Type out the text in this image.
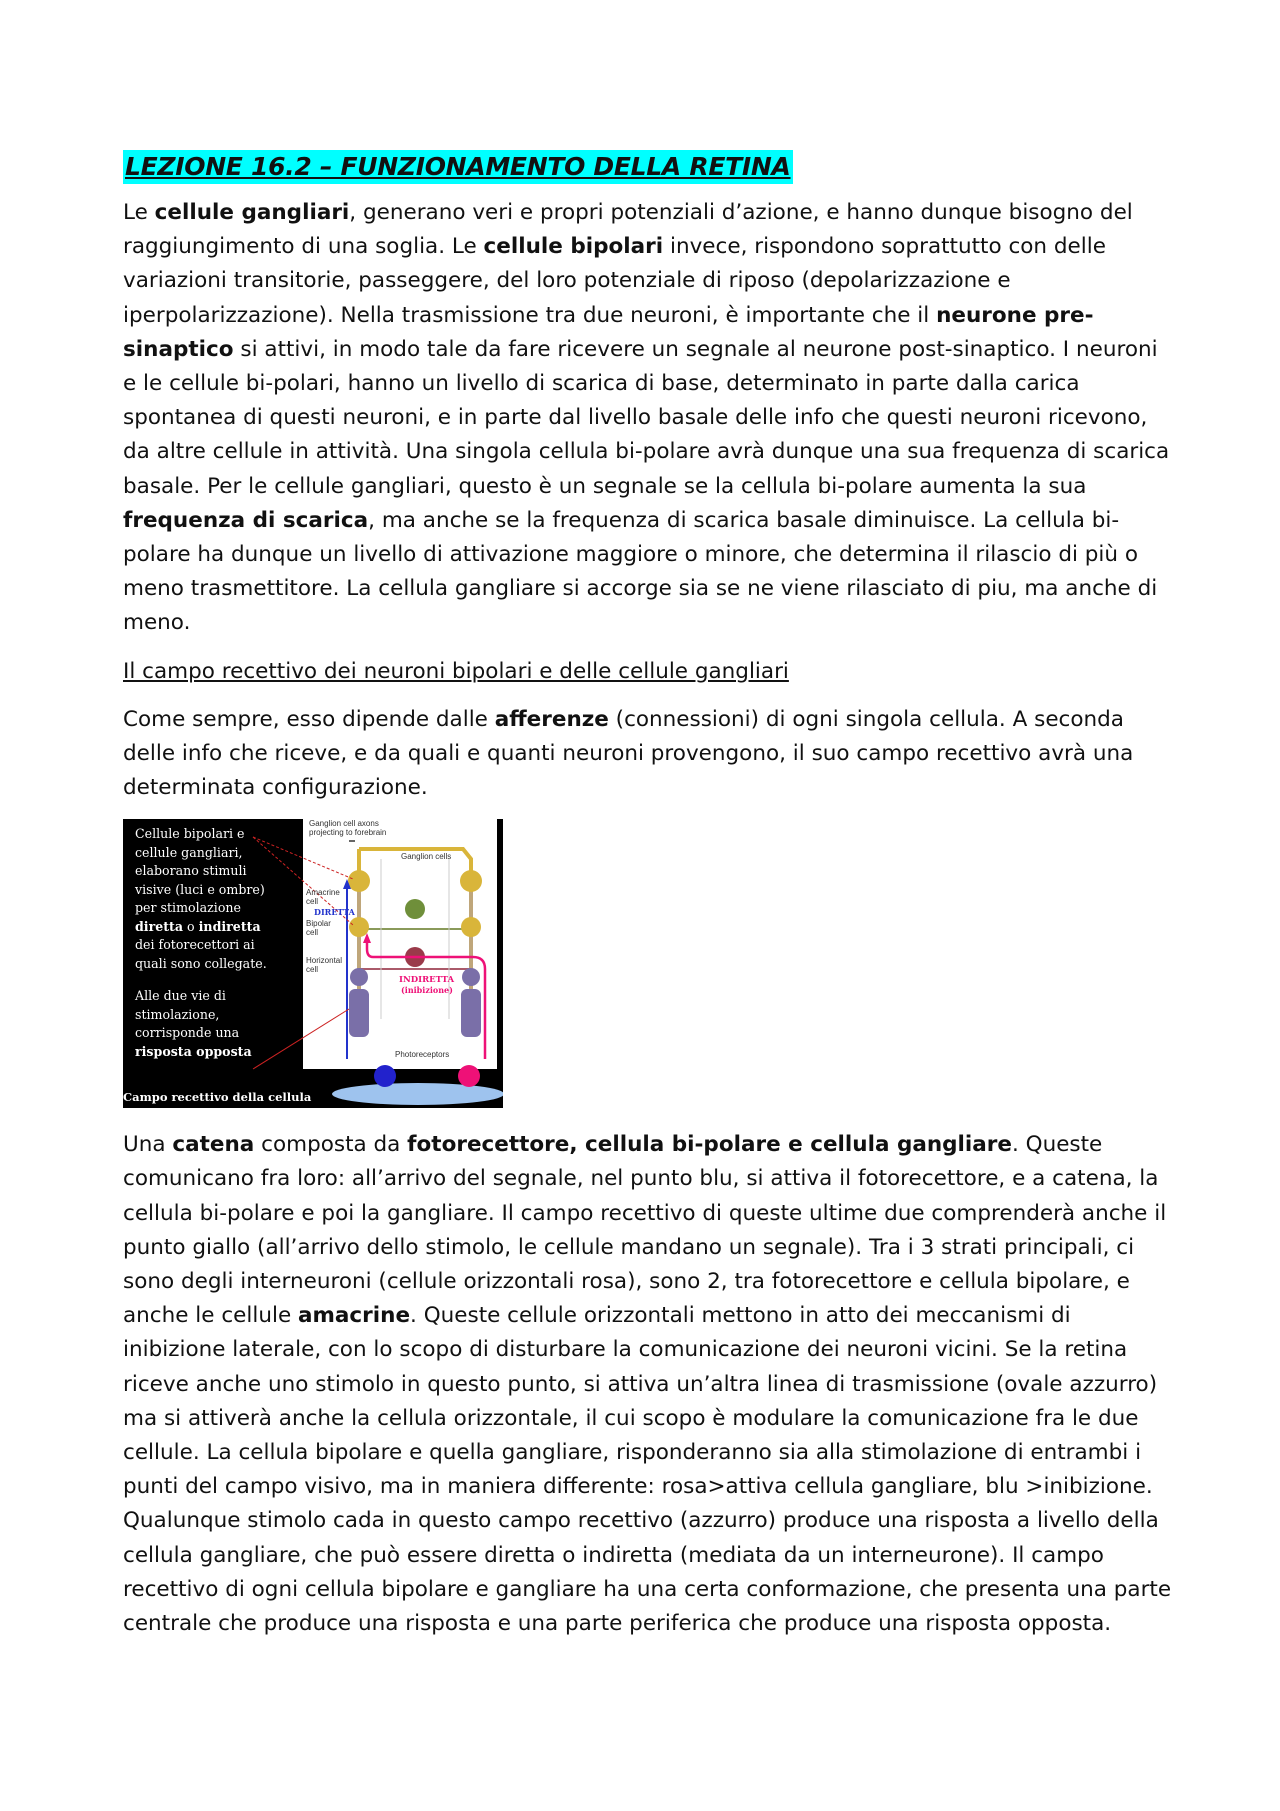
LEZIONE 16.2 – FUNZIONAMENTO DELLA RETINA

Le cellule gangliari, generano veri e propri potenziali d’azione, e hanno dunque bisogno del raggiungimento di una soglia. Le cellule bipolari invece, rispondono soprattutto con delle variazioni transitorie, passeggere, del loro potenziale di riposo (depolarizzazione e iperpolarizzazione). Nella trasmissione tra due neuroni, è importante che il neurone pre-sinaptico si attivi, in modo tale da fare ricevere un segnale al neurone post-sinaptico. I neuroni e le cellule bi-polari, hanno un livello di scarica di base, determinato in parte dalla carica spontanea di questi neuroni, e in parte dal livello basale delle info che questi neuroni ricevono, da altre cellule in attività. Una singola cellula bi-polare avrà dunque una sua frequenza di scarica basale. Per le cellule gangliari, questo è un segnale se la cellula bi-polare aumenta la sua frequenza di scarica, ma anche se la frequenza di scarica basale diminuisce. La cellula bi-polare ha dunque un livello di attivazione maggiore o minore, che determina il rilascio di più o meno trasmettitore. La cellula gangliare si accorge sia se ne viene rilasciato di piu, ma anche di meno.

Il campo recettivo dei neuroni bipolari e delle cellule gangliari

Come sempre, esso dipende dalle afferenze (connessioni) di ogni singola cellula. A seconda delle info che riceve, e da quali e quanti neuroni provengono, il suo campo recettivo avrà una determinata configurazione.

Ganglion cell axons
projecting to forebrain
Ganglion cells
Amacrine
cell
DIRETTA
Bipolar
cell
Horizontal
cell
INDIRETTA
(inibizione)
Photoreceptors
Cellule bipolari e cellule gangliari, elaborano stimuli visive (luci e ombre) per stimolazione diretta o indiretta dei fotorecettori ai quali sono collegate.
Alle due vie di stimolazione, corrisponde una risposta opposta
Campo recettivo della cellula

Una catena composta da fotorecettore, cellula bi-polare e cellula gangliare. Queste comunicano fra loro: all’arrivo del segnale, nel punto blu, si attiva il fotorecettore, e a catena, la cellula bi-polare e poi la gangliare. Il campo recettivo di queste ultime due comprenderà anche il punto giallo (all’arrivo dello stimolo, le cellule mandano un segnale). Tra i 3 strati principali, ci sono degli interneuroni (cellule orizzontali rosa), sono 2, tra fotorecettore e cellula bipolare, e anche le cellule amacrine. Queste cellule orizzontali mettono in atto dei meccanismi di inibizione laterale, con lo scopo di disturbare la comunicazione dei neuroni vicini. Se la retina riceve anche uno stimolo in questo punto, si attiva un’altra linea di trasmissione (ovale azzurro) ma si attiverà anche la cellula orizzontale, il cui scopo è modulare la comunicazione fra le due cellule. La cellula bipolare e quella gangliare, risponderanno sia alla stimolazione di entrambi i punti del campo visivo, ma in maniera differente: rosa>attiva cellula gangliare, blu >inibizione. Qualunque stimolo cada in questo campo recettivo (azzurro) produce una risposta a livello della cellula gangliare, che può essere diretta o indiretta (mediata da un interneurone). Il campo recettivo di ogni cellula bipolare e gangliare ha una certa conformazione, che presenta una parte centrale che produce una risposta e una parte periferica che produce una risposta opposta.
